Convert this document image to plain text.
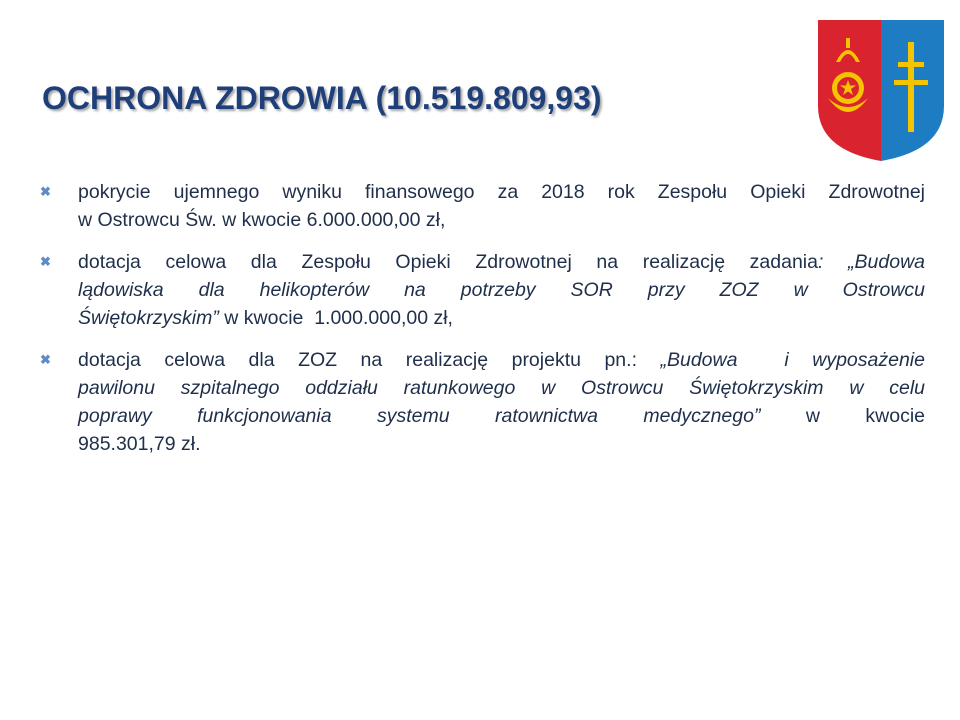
OCHRONA ZDROWIA (10.519.809,93)
✖ pokrycie ujemnego wyniku finansowego za 2018 rok Zespołu Opieki Zdrowotnej
w Ostrowcu Św. w kwocie 6.000.000,00 zł,
✖ dotacja celowa dla Zespołu Opieki Zdrowotnej na realizację zadania: „Budowa
lądowiska dla helikopterów na potrzeby SOR przy ZOZ w Ostrowcu
Świętokrzyskim” w kwocie  1.000.000,00 zł,
✖ dotacja celowa dla ZOZ na realizację projektu pn.: „Budowa  i wyposażenie
pawilonu szpitalnego oddziału ratunkowego w Ostrowcu Świętokrzyskim w celu
poprawy funkcjonowania systemu ratownictwa medycznego” w kwocie
985.301,79 zł.
